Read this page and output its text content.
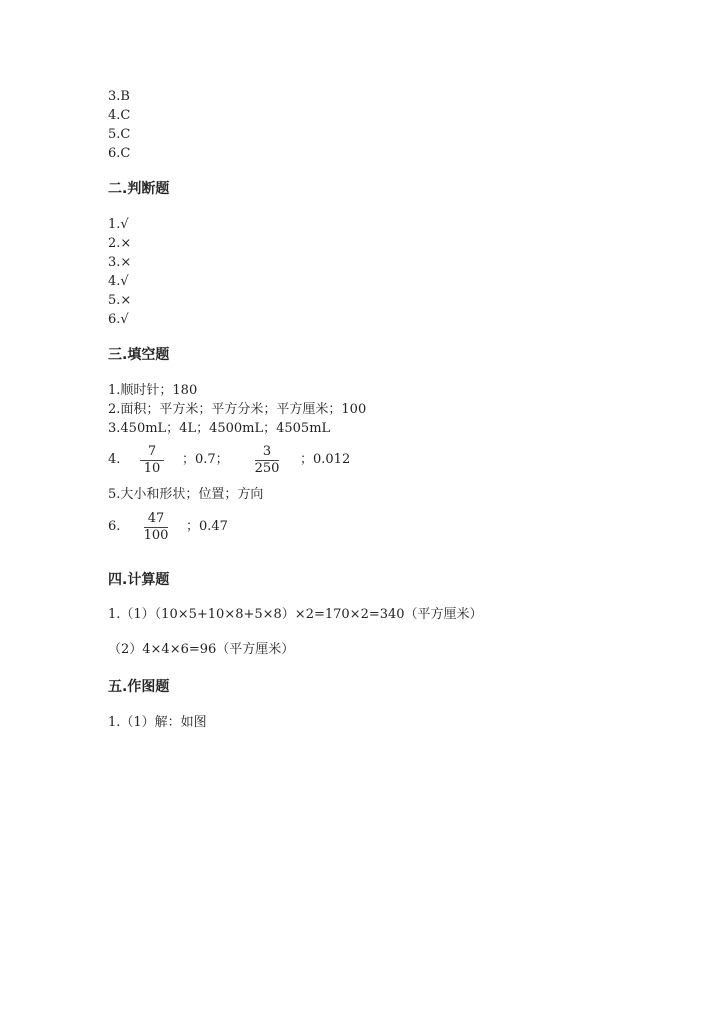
3.B
4.C
5.C
6.C
二.判断题
1.√
2.×
3.×
4.√
5.×
6.√
三.填空题
1.顺时针；180
2.面积；平方米；平方分米；平方厘米；100
3.450mL；4L；4500mL；4505mL
4.
7
10
；0.7；
3
250
；0.012
5.大小和形状；位置；方向
6.
47
100
；0.47
四.计算题
1.（1）（10×5+10×8+5×8）×2=170×2=340（平方厘米）
（2）4×4×6=96（平方厘米）
五.作图题
1.（1）解：如图
